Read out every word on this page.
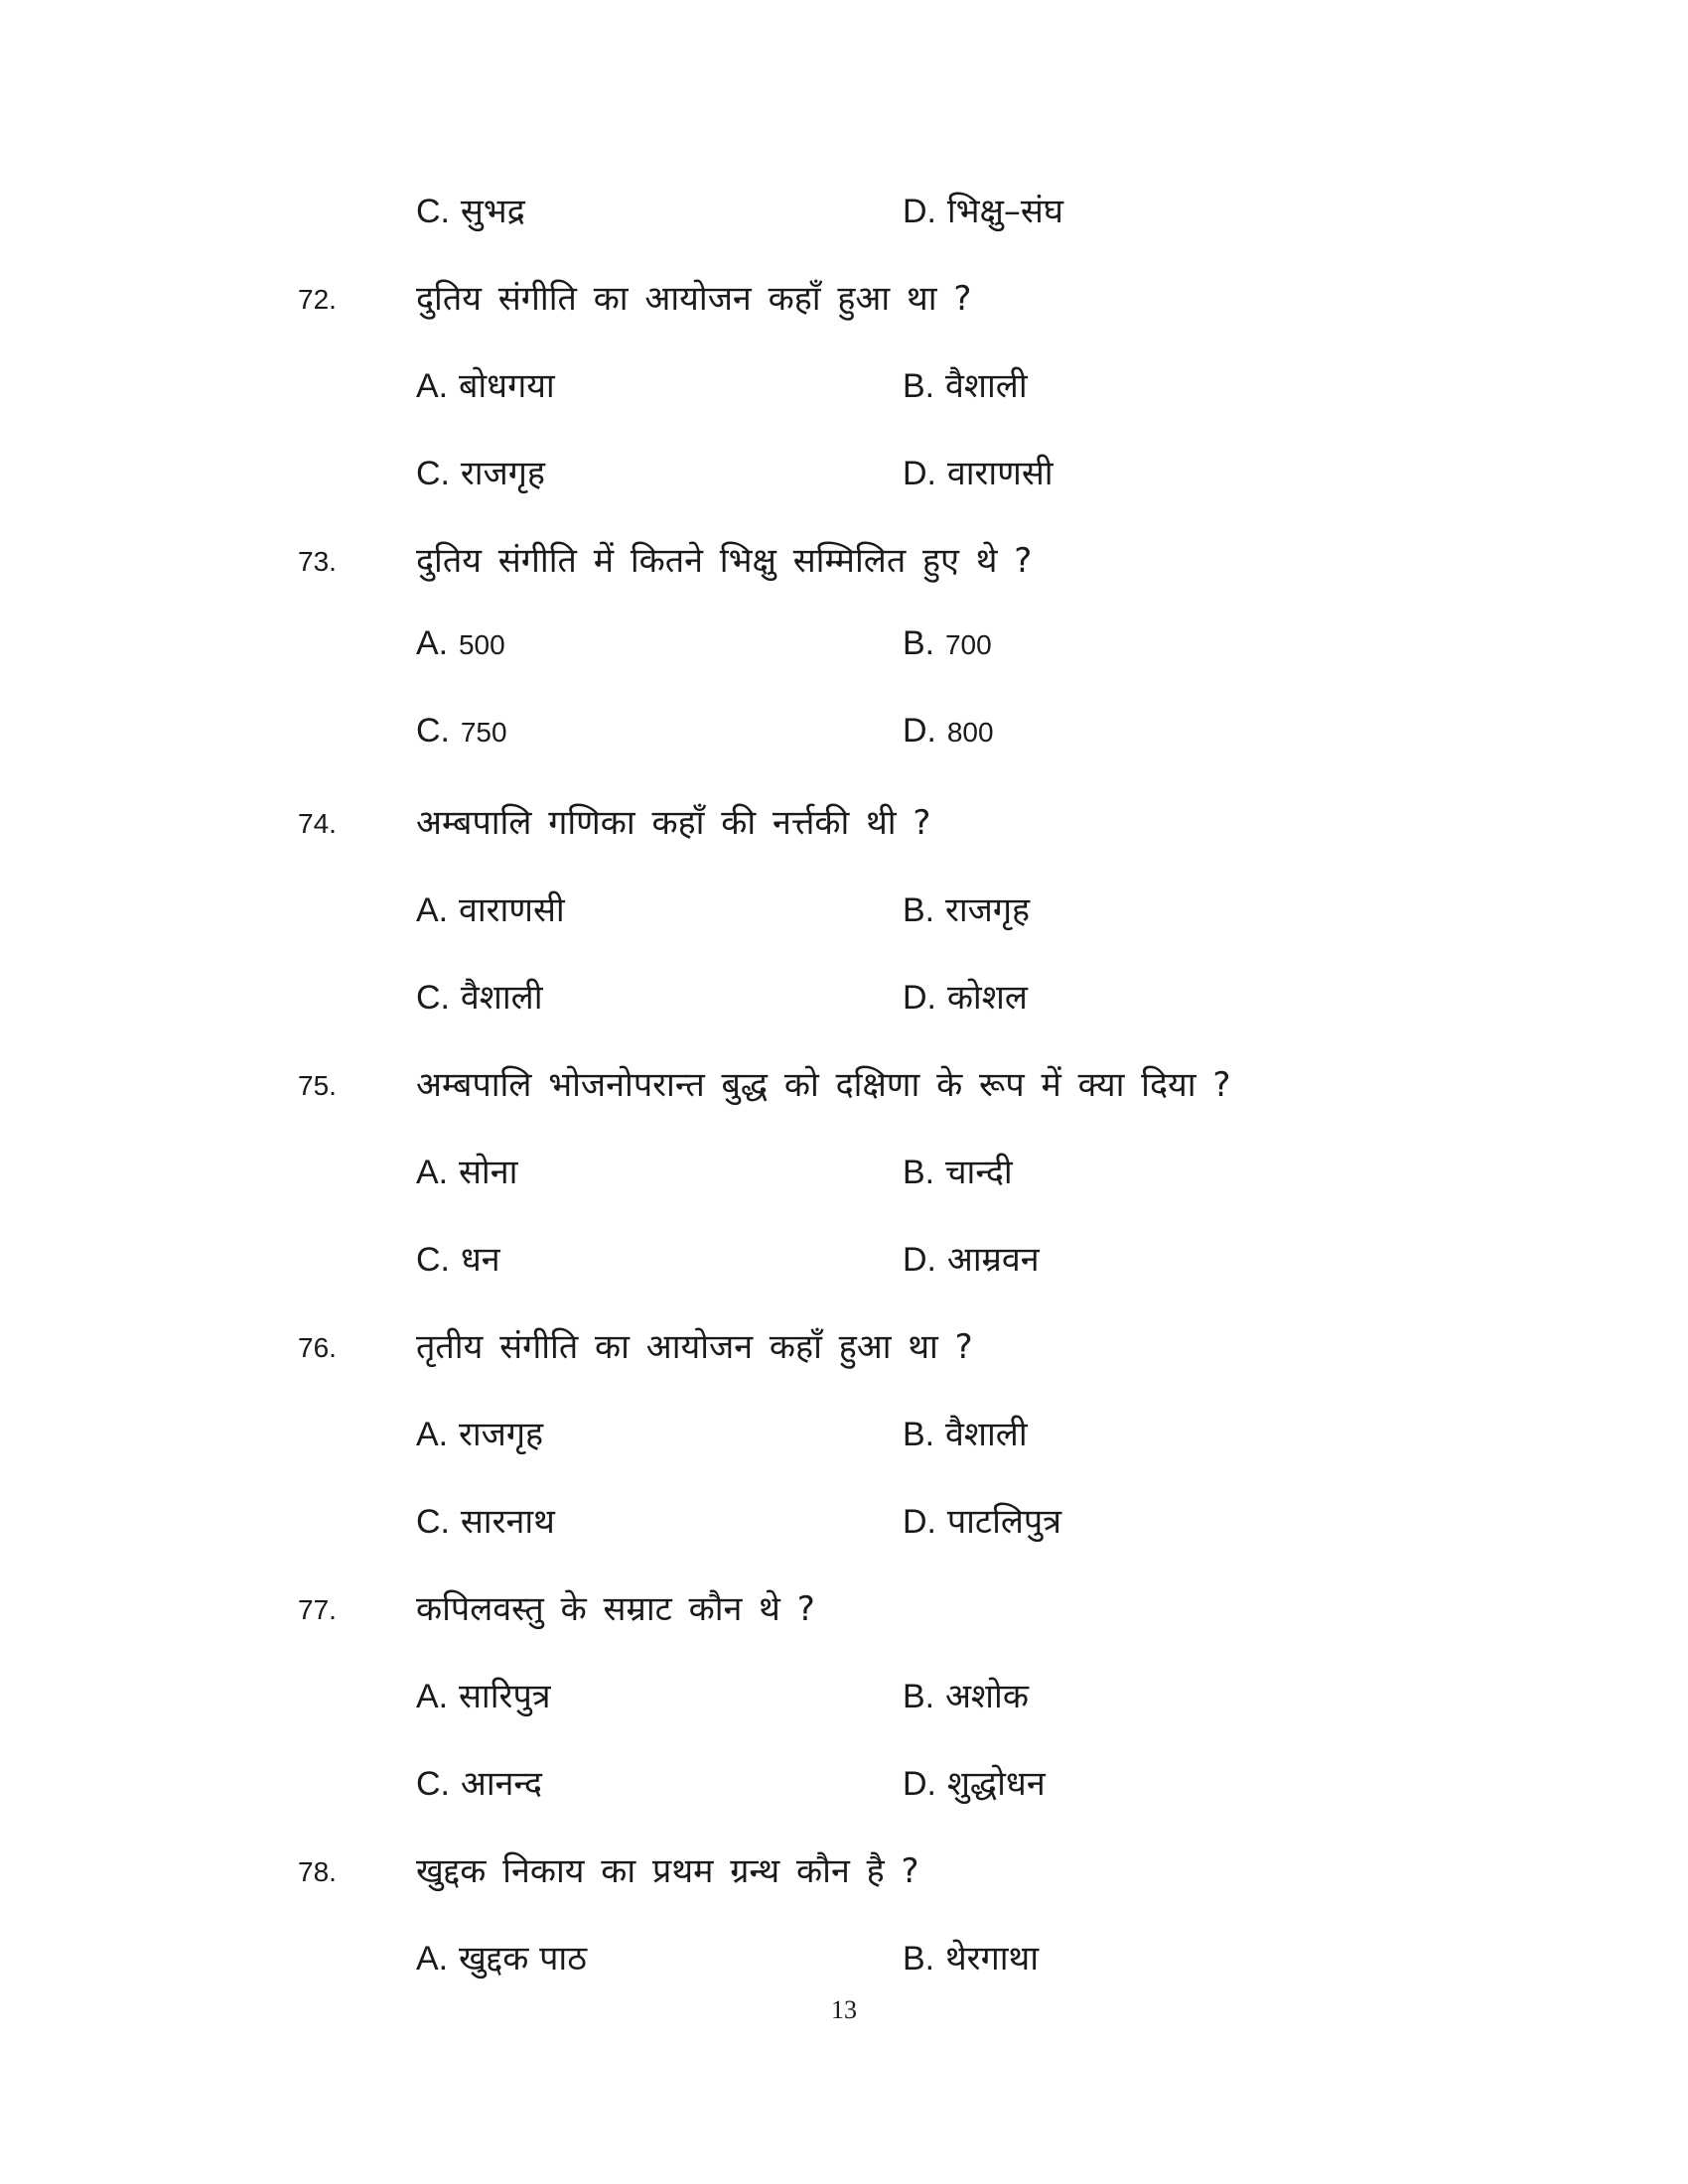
C. सुभद्र	D. भिक्षु–संघ
72. दुतिय संगीति का आयोजन कहाँ हुआ था ?
A. बोधगया	B. वैशाली
C. राजगृह	D. वाराणसी
73. दुतिय संगीति में कितने भिक्षु सम्मिलित हुए थे ?
A. 500	B. 700
C. 750	D. 800
74. अम्बपालि गणिका कहाँ की नर्त्तकी थी ?
A. वाराणसी	B. राजगृह
C. वैशाली	D. कोशल
75. अम्बपालि भोजनोपरान्त बुद्ध को दक्षिणा के रूप में क्या दिया ?
A. सोना	B. चान्दी
C. धन	D. आम्रवन
76. तृतीय संगीति का आयोजन कहाँ हुआ था ?
A. राजगृह	B. वैशाली
C. सारनाथ	D. पाटलिपुत्र
77. कपिलवस्तु के सम्राट कौन थे ?
A. सारिपुत्र	B. अशोक
C. आनन्द	D. शुद्धोधन
78. खुद्दक निकाय का प्रथम ग्रन्थ कौन है ?
A. खुद्दक पाठ	B. थेरगाथा
13
